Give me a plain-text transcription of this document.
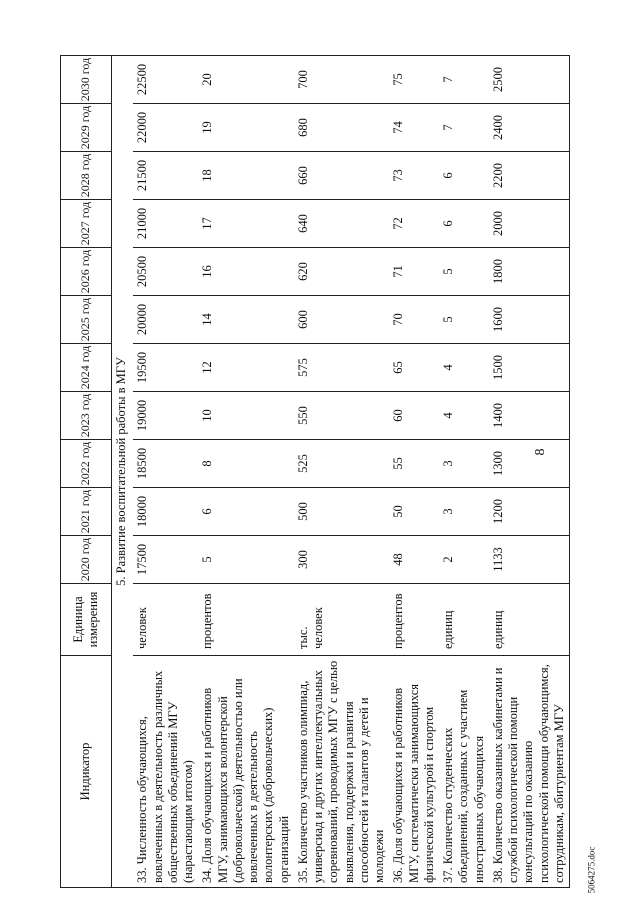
8
5064275.doc
Индикатор	Единица измерения	2020 год	2021 год	2022 год	2023 год	2024 год	2025 год	2026 год	2027 год	2028 год	2029 год	2030 год
5. Развитие воспитательной работы в МГУ												
33. Численность обучающихся, вовлеченных в деятельность различных общественных объединений МГУ (нарастающим итогом)	человек	17500	18000	18500	19000	19500	20000	20500	21000	21500	22000	22500
34. Доля обучающихся и работников МГУ, занимающихся волонтерской (добровольческой) деятельностью или вовлеченных в деятельность волонтерских (добровольческих) организаций	процентов	5	6	8	10	12	14	16	17	18	19	20
35. Количество участников олимпиад, универсиад и других интеллектуальных соревнований, проводимых МГУ с целью выявления, поддержки и развития способностей и талантов у детей и молодежи	тыс. человек	300	500	525	550	575	600	620	640	660	680	700
36. Доля обучающихся и работников МГУ, систематически занимающихся физической культурой и спортом	процентов	48	50	55	60	65	70	71	72	73	74	75
37. Количество студенческих объединений, созданных с участием иностранных обучающихся	единиц	2	3	3	4	4	5	5	6	6	7	7
38. Количество оказанных кабинетами и службой психологической помощи консультаций по оказанию психологической помощи обучающимся, сотрудникам, абитуриентам МГУ	единиц	1133	1200	1300	1400	1500	1600	1800	2000	2200	2400	2500
